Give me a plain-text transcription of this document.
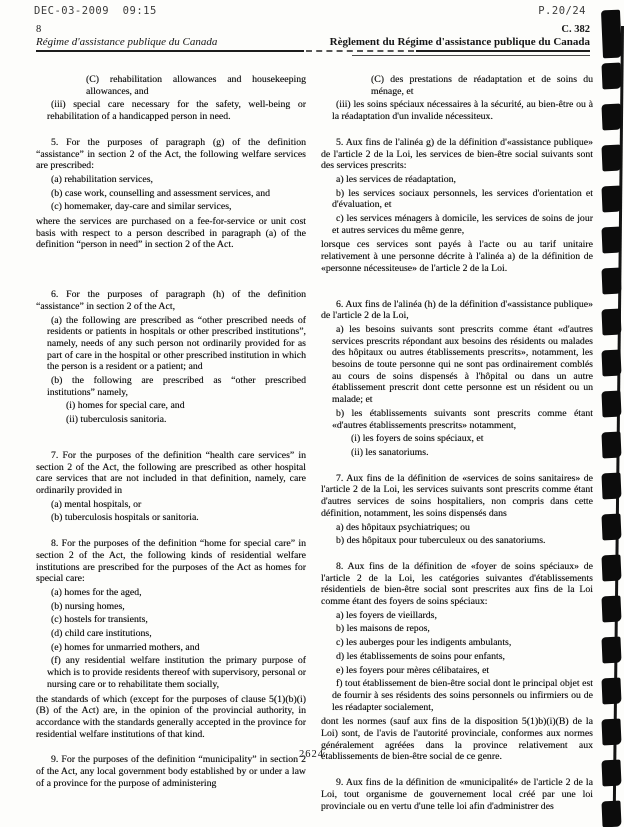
DEC-03-2009  09:15	P.20/24
8
Régime d'assistance publique du Canada
C. 382
Règlement du Régime d'assistance publique du Canada

(C) rehabilitation allowances and housekeeping allowances, and

(iii) special care necessary for the safety, well-being or rehabilitation of a handicapped person in need.

5. For the purposes of paragraph (g) of the definition “assistance” in section 2 of the Act, the following welfare services are prescribed:

(a) rehabilitation services,

(b) case work, counselling and assessment services, and

(c) homemaker, day-care and similar services,

where the services are purchased on a fee-for-service or unit cost basis with respect to a person described in paragraph (a) of the definition “person in need” in section 2 of the Act.

6. For the purposes of paragraph (h) of the definition “assistance” in section 2 of the Act,

(a) the following are prescribed as “other prescribed needs of residents or patients in hospitals or other prescribed institutions”, namely, needs of any such person not ordinarily provided for as part of care in the hospital or other prescribed institution in which the person is a resident or a patient; and

(b) the following are prescribed as “other prescribed institutions” namely,

(i) homes for special care, and

(ii) tuberculosis sanitoria.

7. For the purposes of the definition “health care services” in section 2 of the Act, the following are prescribed as other hospital care services that are not included in that definition, namely, care ordinarily provided in

(a) mental hospitals, or

(b) tuberculosis hospitals or sanitoria.

8. For the purposes of the definition “home for special care” in section 2 of the Act, the following kinds of residential welfare institutions are prescribed for the purposes of the Act as homes for special care:

(a) homes for the aged,

(b) nursing homes,

(c) hostels for transients,

(d) child care institutions,

(e) homes for unmarried mothers, and

(f) any residential welfare institution the primary purpose of which is to provide residents thereof with supervisory, personal or nursing care or to rehabilitate them socially,

the standards of which (except for the purposes of clause 5(1)(b)(i)(B) of the Act) are, in the opinion of the provincial authority, in accordance with the standards generally accepted in the province for residential welfare institutions of that kind.

9. For the purposes of the definition “municipality” in section 2 of the Act, any local government body established by or under a law of a province for the purpose of administering

(C) des prestations de réadaptation et de soins du ménage, et

(iii) les soins spéciaux nécessaires à la sécurité, au bien-être ou à la réadaptation d'un invalide nécessiteux.

5. Aux fins de l'alinéa g) de la définition d'«assistance publique» de l'article 2 de la Loi, les services de bien-être social suivants sont des services prescrits:

a) les services de réadaptation,

b) les services sociaux personnels, les services d'orientation et d'évaluation, et

c) les services ménagers à domicile, les services de soins de jour et autres services du même genre,

lorsque ces services sont payés à l'acte ou au tarif unitaire relativement à une personne décrite à l'alinéa a) de la définition de «personne nécessiteuse» de l'article 2 de la Loi.

6. Aux fins de l'alinéa (h) de la définition d'«assistance publique» de l'article 2 de la Loi,

a) les besoins suivants sont prescrits comme étant «d'autres services prescrits répondant aux besoins des résidents ou malades des hôpitaux ou autres établissements prescrits», notamment, les besoins de toute personne qui ne sont pas ordinairement comblés au cours de soins dispensés à l'hôpital ou dans un autre établissement prescrit dont cette personne est un résident ou un malade; et

b) les établissements suivants sont prescrits comme étant «d'autres établissements prescrits» notamment,

(i) les foyers de soins spéciaux, et

(ii) les sanatoriums.

7. Aux fins de la définition de «services de soins sanitaires» de l'article 2 de la Loi, les services suivants sont prescrits comme étant d'autres services de soins hospitaliers, non compris dans cette définition, notamment, les soins dispensés dans

a) des hôpitaux psychiatriques; ou

b) des hôpitaux pour tuberculeux ou des sanatoriums.

8. Aux fins de la définition de «foyer de soins spéciaux» de l'article 2 de la Loi, les catégories suivantes d'établissements résidentiels de bien-être social sont prescrites aux fins de la Loi comme étant des foyers de soins spéciaux:

a) les foyers de vieillards,

b) les maisons de repos,

c) les auberges pour les indigents ambulants,

d) les établissements de soins pour enfants,

e) les foyers pour mères célibataires, et

f) tout établissement de bien-être social dont le principal objet est de fournir à ses résidents des soins personnels ou infirmiers ou de les réadapter socialement,

dont les normes (sauf aux fins de la disposition 5(1)b)(i)(B) de la Loi) sont, de l'avis de l'autorité provinciale, conformes aux normes généralement agréées dans la province relativement aux établissements de bien-être social de ce genre.

9. Aux fins de la définition de «municipalité» de l'article 2 de la Loi, tout organisme de gouvernement local créé par une loi provinciale ou en vertu d'une telle loi afin d'administrer des

2624
